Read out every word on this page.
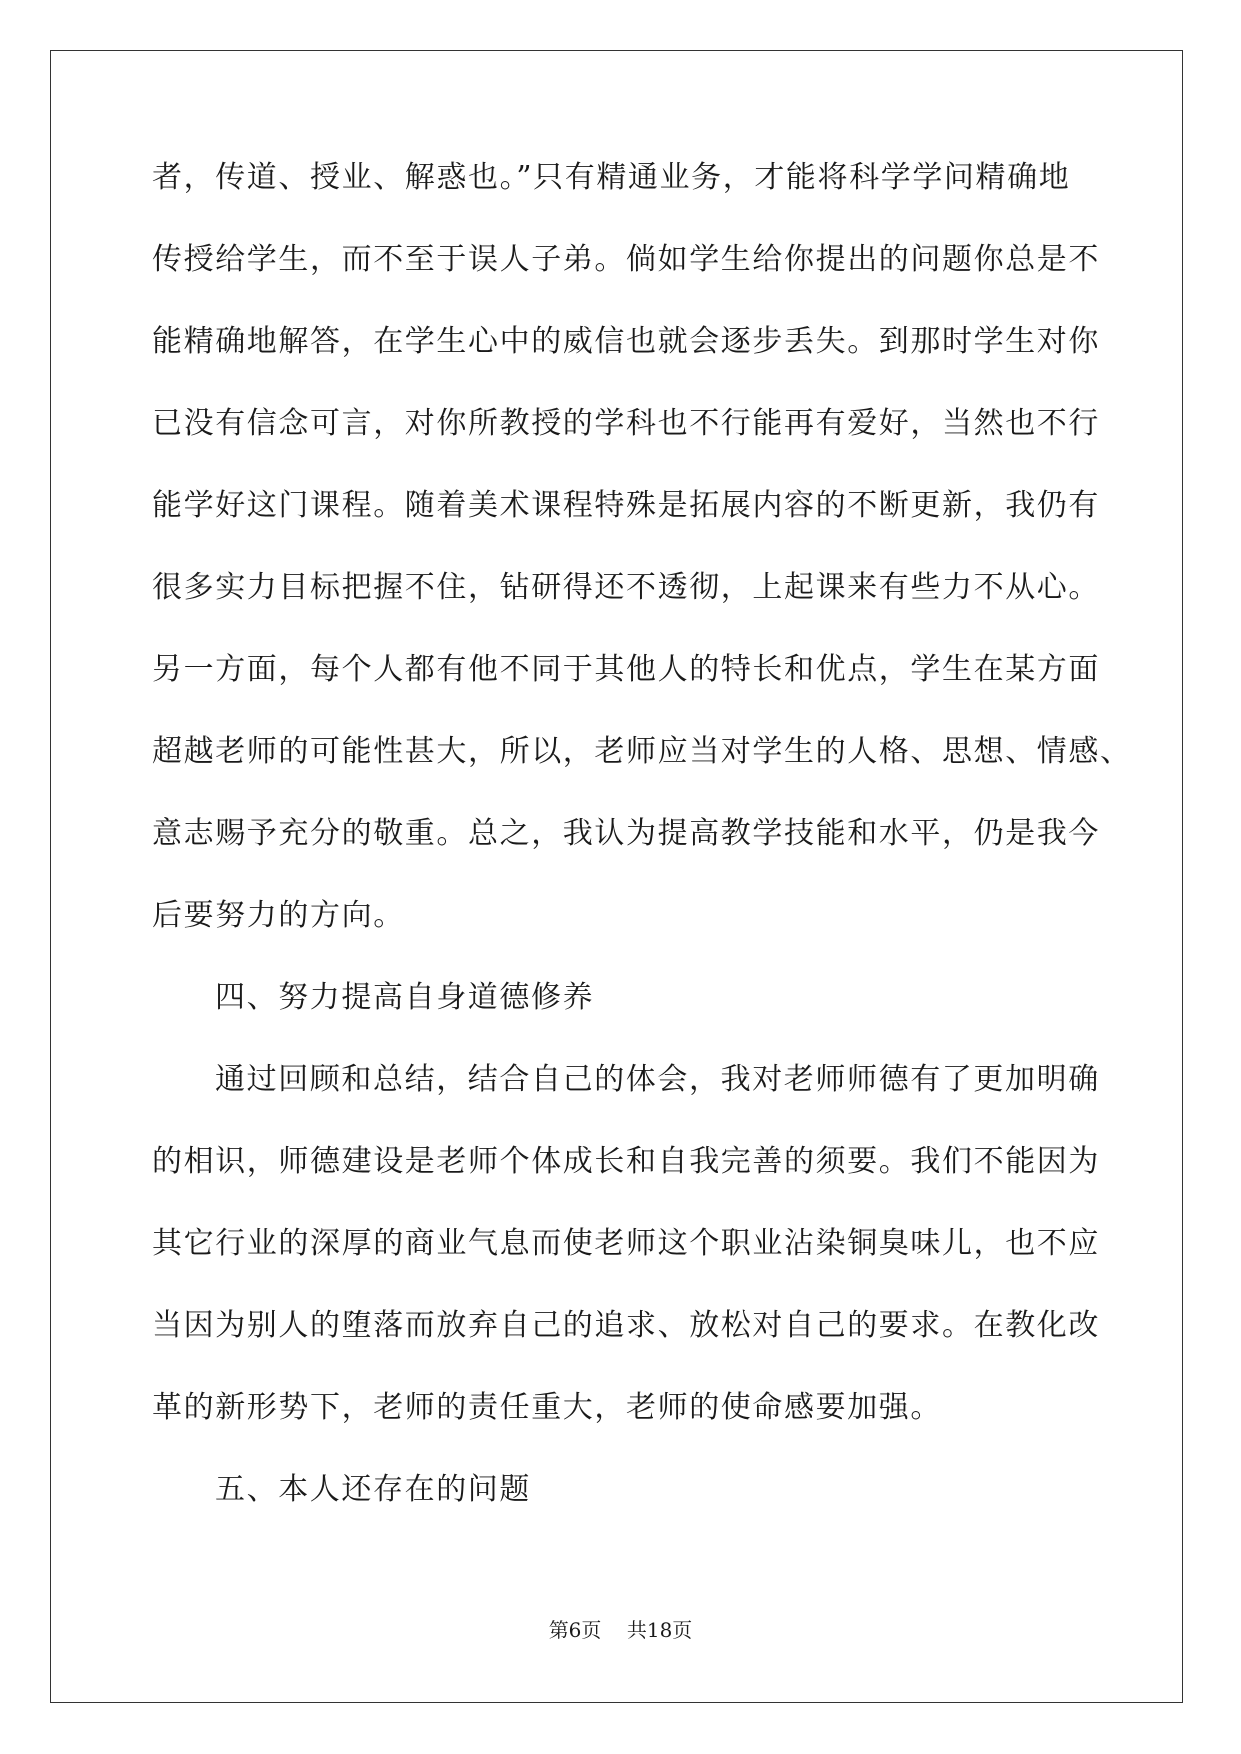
者，传道、授业、解惑也。”只有精通业务，才能将科学学问精确地

传授给学生，而不至于误人子弟。倘如学生给你提出的问题你总是不

能精确地解答，在学生心中的威信也就会逐步丢失。到那时学生对你

已没有信念可言，对你所教授的学科也不行能再有爱好，当然也不行

能学好这门课程。随着美术课程特殊是拓展内容的不断更新，我仍有

很多实力目标把握不住，钻研得还不透彻，上起课来有些力不从心。

另一方面，每个人都有他不同于其他人的特长和优点，学生在某方面

超越老师的可能性甚大，所以，老师应当对学生的人格、思想、情感、

意志赐予充分的敬重。总之，我认为提高教学技能和水平，仍是我今

后要努力的方向。

四、努力提高自身道德修养

通过回顾和总结，结合自己的体会，我对老师师德有了更加明确

的相识，师德建设是老师个体成长和自我完善的须要。我们不能因为

其它行业的深厚的商业气息而使老师这个职业沾染铜臭味儿，也不应

当因为别人的堕落而放弃自己的追求、放松对自己的要求。在教化改

革的新形势下，老师的责任重大，老师的使命感要加强。

五、本人还存在的问题

第6页 共18页
